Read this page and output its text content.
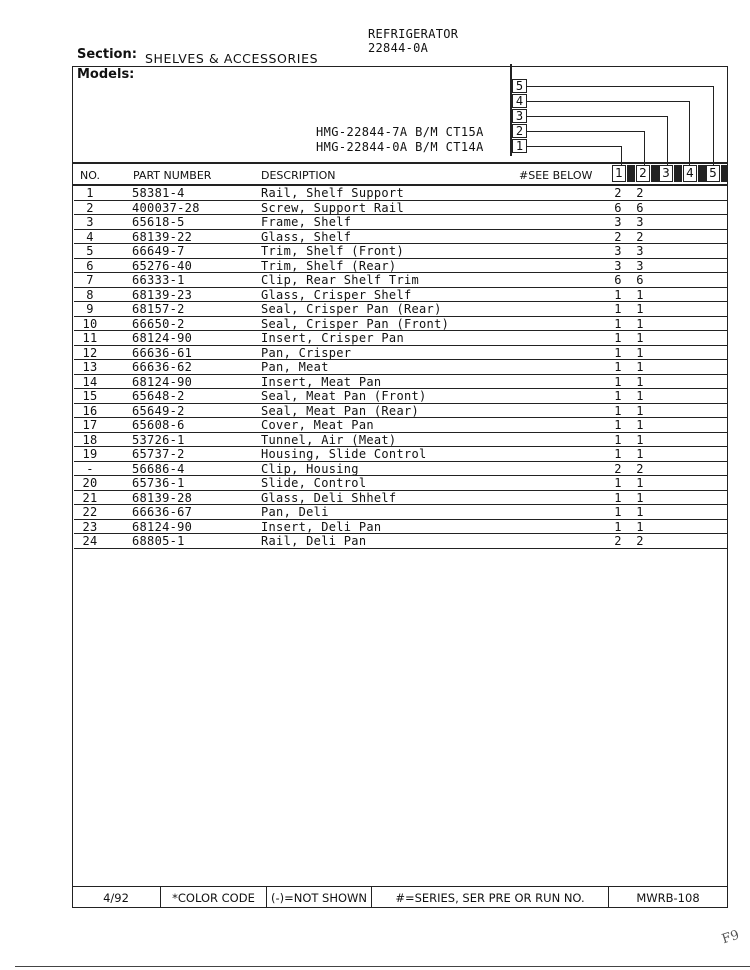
REFRIGERATOR
22844-0A
Section: SHELVES & ACCESSORIES
Models:
HMG-22844-7A B/M CT15A
HMG-22844-0A B/M CT14A
5
4
3
2
1
NO.	PART NUMBER	DESCRIPTION	#SEE BELOW 1 2 3 4 5
1	58381-4	Rail, Shelf Support	2 2
2	400037-28	Screw, Support Rail	6 6
3	65618-5	Frame, Shelf	3 3
4	68139-22	Glass, Shelf	2 2
5	66649-7	Trim, Shelf (Front)	3 3
6	65276-40	Trim, Shelf (Rear)	3 3
7	66333-1	Clip, Rear Shelf Trim	6 6
8	68139-23	Glass, Crisper Shelf	1 1
9	68157-2	Seal, Crisper Pan (Rear)	1 1
10	66650-2	Seal, Crisper Pan (Front)	1 1
11	68124-90	Insert, Crisper Pan	1 1
12	66636-61	Pan, Crisper	1 1
13	66636-62	Pan, Meat	1 1
14	68124-90	Insert, Meat Pan	1 1
15	65648-2	Seal, Meat Pan (Front)	1 1
16	65649-2	Seal, Meat Pan (Rear)	1 1
17	65608-6	Cover, Meat Pan	1 1
18	53726-1	Tunnel, Air (Meat)	1 1
19	65737-2	Housing, Slide Control	1 1
-	56686-4	Clip, Housing	2 2
20	65736-1	Slide, Control	1 1
21	68139-28	Glass, Deli Shhelf	1 1
22	66636-67	Pan, Deli	1 1
23	68124-90	Insert, Deli Pan	1 1
24	68805-1	Rail, Deli Pan	2 2
4/92	*COLOR CODE	(-)=NOT SHOWN	#=SERIES, SER PRE OR RUN NO.	MWRB-108
F9
